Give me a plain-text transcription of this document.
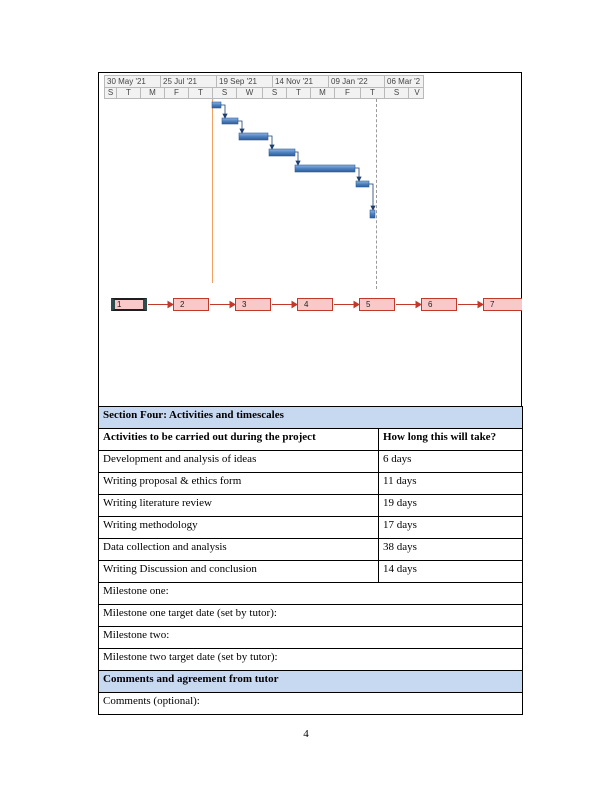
30 May '21	25 Jul '21	19 Sep '21	14 Nov '21	09 Jan '22	06 Mar '2
S	T	M	F	T	S	W	S	T	M	F	T	S	V
1	2	3	4	5	6	7
Section Four: Activities and timescales	
Activities to be carried out during the project	How long this will take?
Development and analysis of ideas	6 days
Writing proposal & ethics form	11 days
Writing literature review	19 days
Writing methodology	17 days
Data collection and analysis	38 days
Writing Discussion and conclusion	14 days
Milestone one:	
Milestone one target date (set by tutor):	
Milestone two:	
Milestone two target date (set by tutor):	
Comments and agreement from tutor	
Comments (optional):	
4
